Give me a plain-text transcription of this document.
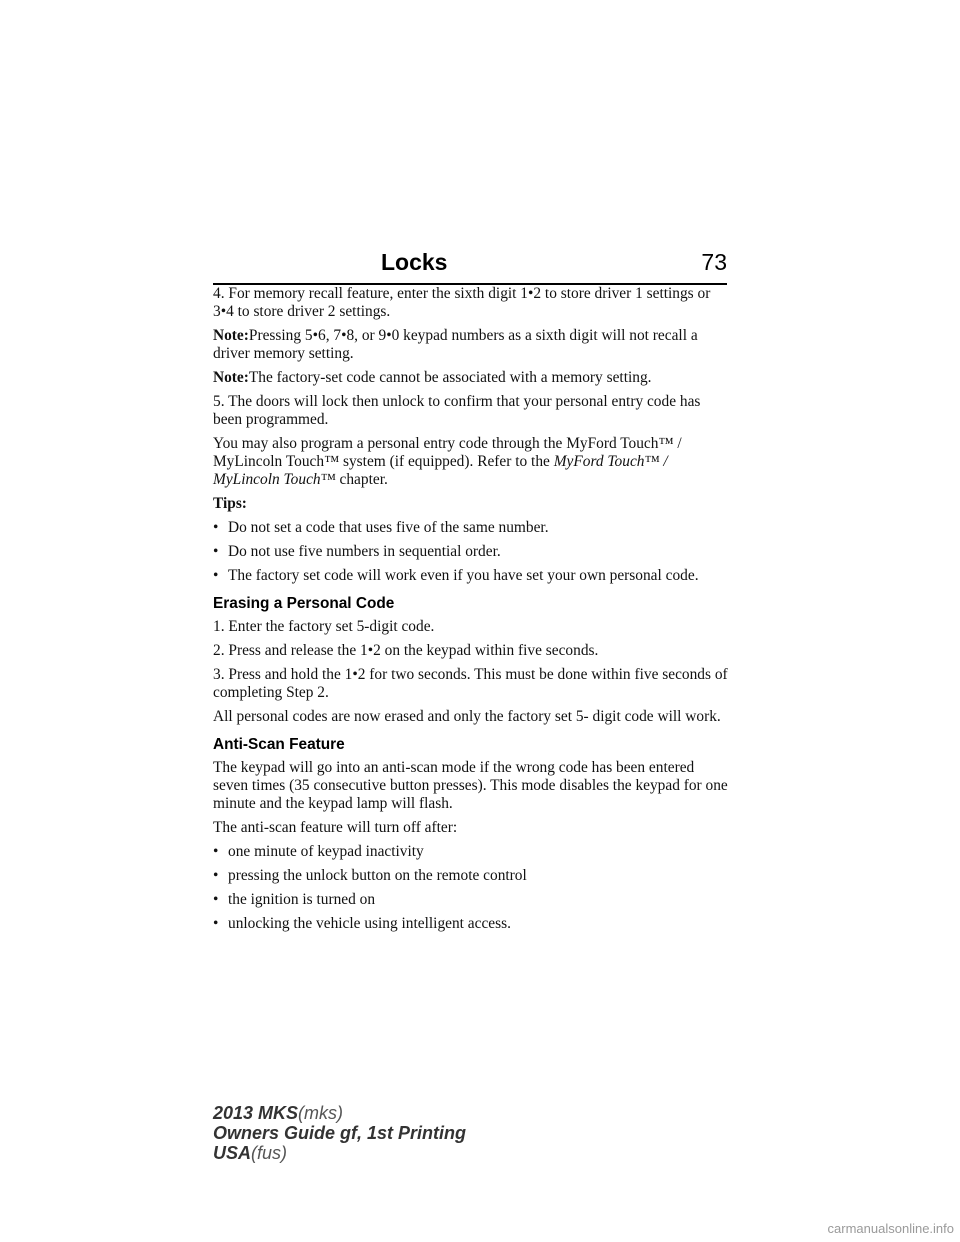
Locks	73

4. For memory recall feature, enter the sixth digit 1•2 to store driver 1 settings or 3•4 to store driver 2 settings.

Note:Pressing 5•6, 7•8, or 9•0 keypad numbers as a sixth digit will not recall a driver memory setting.

Note:The factory-set code cannot be associated with a memory setting.

5. The doors will lock then unlock to confirm that your personal entry code has been programmed.

You may also program a personal entry code through the MyFord Touch™ / MyLincoln Touch™ system (if equipped). Refer to the MyFord Touch™ / MyLincoln Touch™ chapter.

Tips:

• Do not set a code that uses five of the same number.
• Do not use five numbers in sequential order.
• The factory set code will work even if you have set your own personal code.
Erasing a Personal Code

1. Enter the factory set 5-digit code.

2. Press and release the 1•2 on the keypad within five seconds.

3. Press and hold the 1•2 for two seconds. This must be done within five seconds of completing Step 2.

All personal codes are now erased and only the factory set 5- digit code will work.

Anti-Scan Feature

The keypad will go into an anti-scan mode if the wrong code has been entered seven times (35 consecutive button presses). This mode disables the keypad for one minute and the keypad lamp will flash.

The anti-scan feature will turn off after:

• one minute of keypad inactivity
• pressing the unlock button on the remote control
• the ignition is turned on
• unlocking the vehicle using intelligent access.
2013 MKS(mks)
Owners Guide gf, 1st Printing
USA(fus)
carmanualsonline.info
